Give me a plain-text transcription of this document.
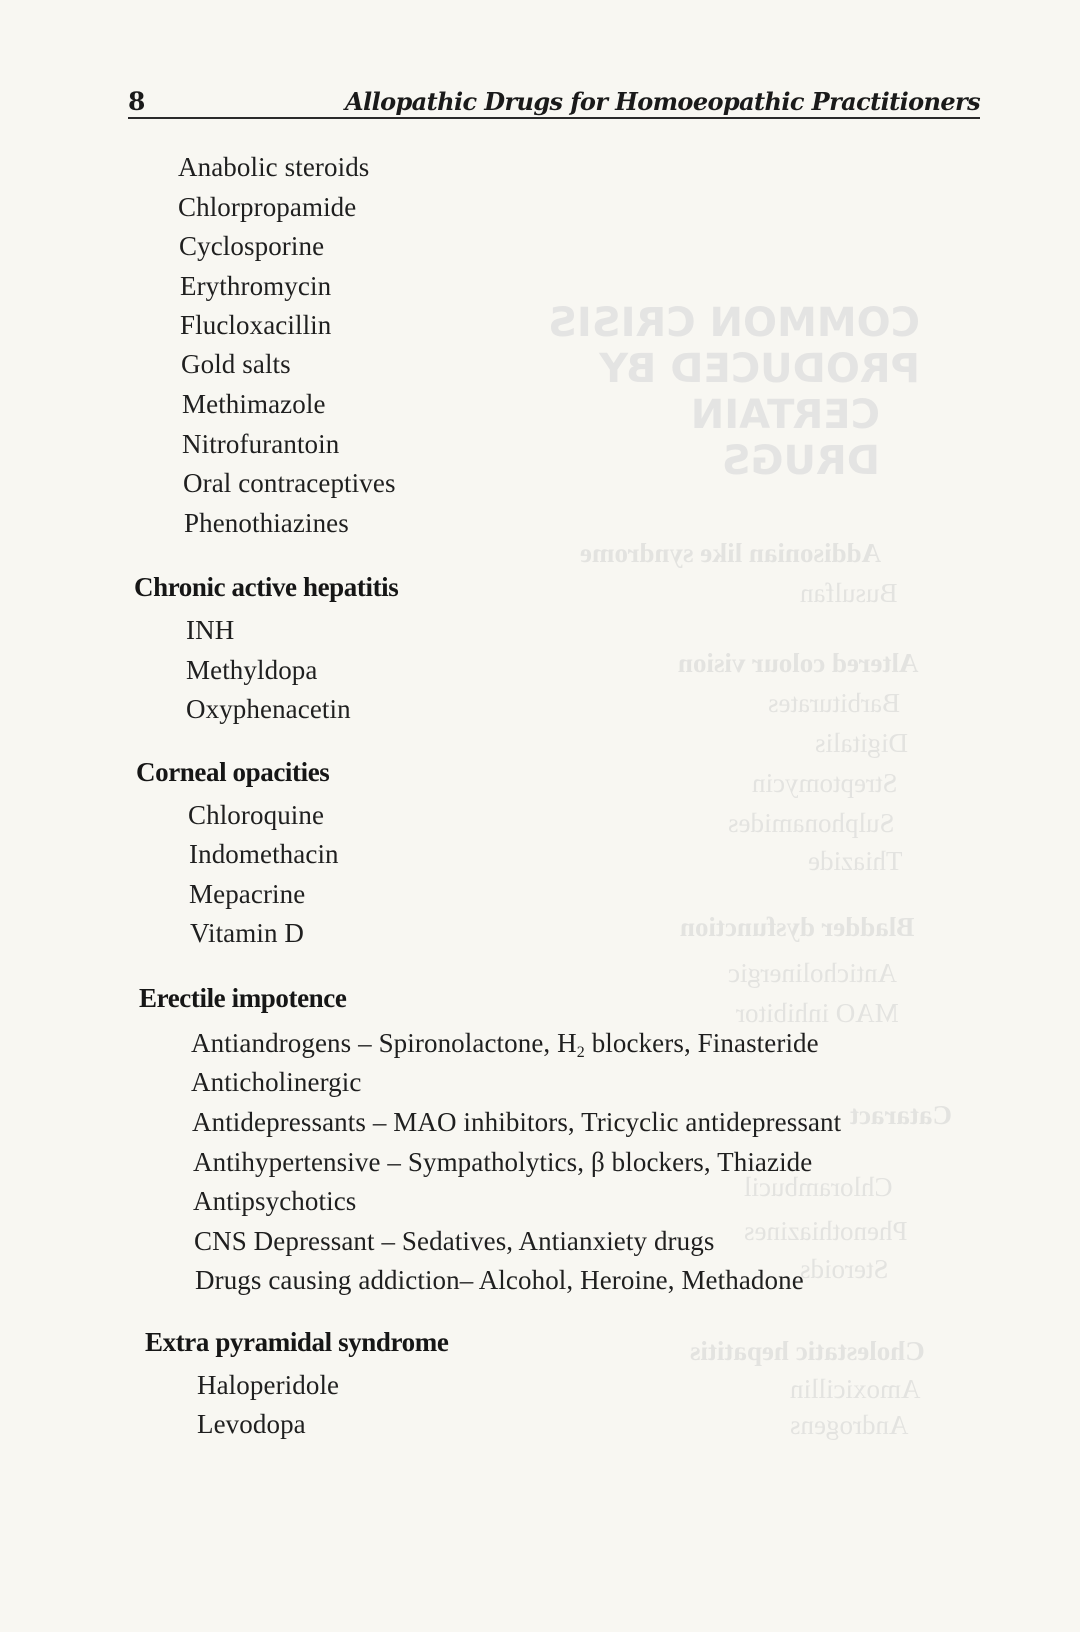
COMMON CRISIS PRODUCED BY
CERTAIN DRUGS
Addisonian like syndrome
Busulfan
Altered colour vision
Barbiturates
Digitalis
Streptomycin
Sulphonamides
Thiazide
Bladder dysfunction
Anticholinergic
MAO inhibitor
Cataract
Chlorambucil
Phenothiazines
Steroids
Cholestatic hepatitis
Amoxicillin
Androgens
8	Allopathic Drugs for Homoeopathic Practitioners
Anabolic steroids
Chlorpropamide
Cyclosporine
Erythromycin
Flucloxacillin
Gold salts
Methimazole
Nitrofurantoin
Oral contraceptives
Phenothiazines
Chronic active hepatitis
INH
Methyldopa
Oxyphenacetin
Corneal opacities
Chloroquine
Indomethacin
Mepacrine
Vitamin D
Erectile impotence
Antiandrogens – Spironolactone, $H_2$ blockers, Finasteride
Anticholinergic
Antidepressants – MAO inhibitors, Tricyclic antidepressant
Antihypertensive – Sympatholytics, β blockers, Thiazide
Antipsychotics
CNS Depressant – Sedatives, Antianxiety drugs
Drugs causing addiction– Alcohol, Heroine, Methadone
Extra pyramidal syndrome
Haloperidole
Levodopa
